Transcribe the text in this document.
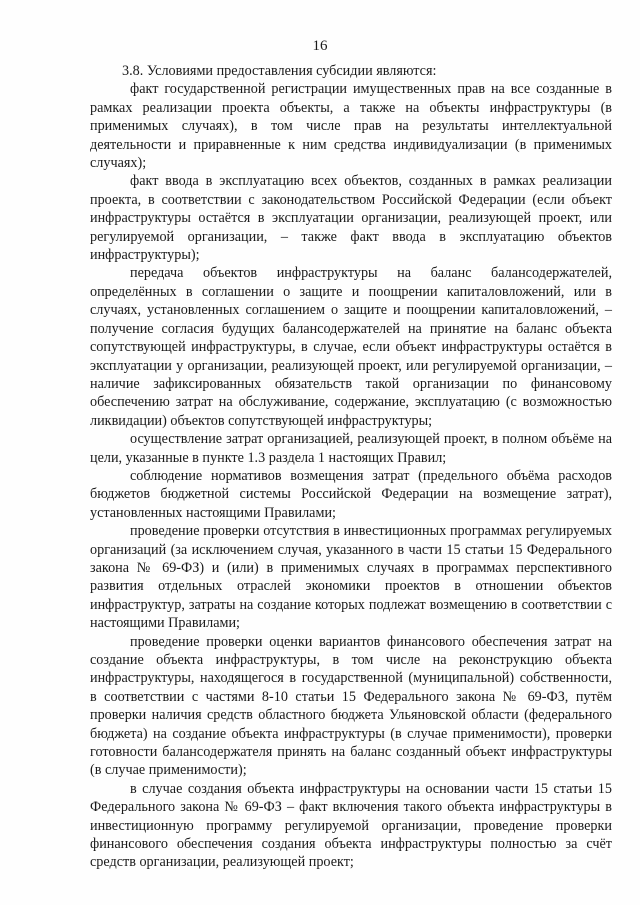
16

3.8. Условиями предоставления субсидии являются:

факт государственной регистрации имущественных прав на все созданные в рамках реализации проекта объекты, а также на объекты инфраструктуры (в применимых случаях), в том числе прав на результаты интеллектуальной деятельности и приравненные к ним средства индивидуализации (в применимых случаях);

факт ввода в эксплуатацию всех объектов, созданных в рамках реализации проекта, в соответствии с законодательством Российской Федерации (если объект инфраструктуры остаётся в эксплуатации организации, реализующей проект, или регулируемой организации, – также факт ввода в эксплуатацию объектов инфраструктуры);

передача объектов инфраструктуры на баланс балансодержателей, определённых в соглашении о защите и поощрении капиталовложений, или в случаях, установленных соглашением о защите и поощрении капиталовложений, – получение согласия будущих балансодержателей на принятие на баланс объекта сопутствующей инфраструктуры, в случае, если объект инфраструктуры остаётся в эксплуатации у организации, реализующей проект, или регулируемой организации, – наличие зафиксированных обязательств такой организации по финансовому обеспечению затрат на обслуживание, содержание, эксплуатацию (с возможностью ликвидации) объектов сопутствующей инфраструктуры;

осуществление затрат организацией, реализующей проект, в полном объёме на цели, указанные в пункте 1.3 раздела 1 настоящих Правил;

соблюдение нормативов возмещения затрат (предельного объёма расходов бюджетов бюджетной системы Российской Федерации на возмещение затрат), установленных настоящими Правилами;

проведение проверки отсутствия в инвестиционных программах регулируемых организаций (за исключением случая, указанного в части 15 статьи 15 Федерального закона № 69-ФЗ) и (или) в применимых случаях в программах перспективного развития отдельных отраслей экономики проектов в отношении объектов инфраструктур, затраты на создание которых подлежат возмещению в соответствии с настоящими Правилами;

проведение проверки оценки вариантов финансового обеспечения затрат на создание объекта инфраструктуры, в том числе на реконструкцию объекта инфраструктуры, находящегося в государственной (муниципальной) собственности, в соответствии с частями 8-10 статьи 15 Федерального закона № 69-ФЗ, путём проверки наличия средств областного бюджета Ульяновской области (федерального бюджета) на создание объекта инфраструктуры (в случае применимости), проверки готовности балансодержателя принять на баланс созданный объект инфраструктуры (в случае применимости);

в случае создания объекта инфраструктуры на основании части 15 статьи 15 Федерального закона № 69-ФЗ – факт включения такого объекта инфраструктуры в инвестиционную программу регулируемой организации, проведение проверки финансового обеспечения создания объекта инфраструктуры полностью за счёт средств организации, реализующей проект;
